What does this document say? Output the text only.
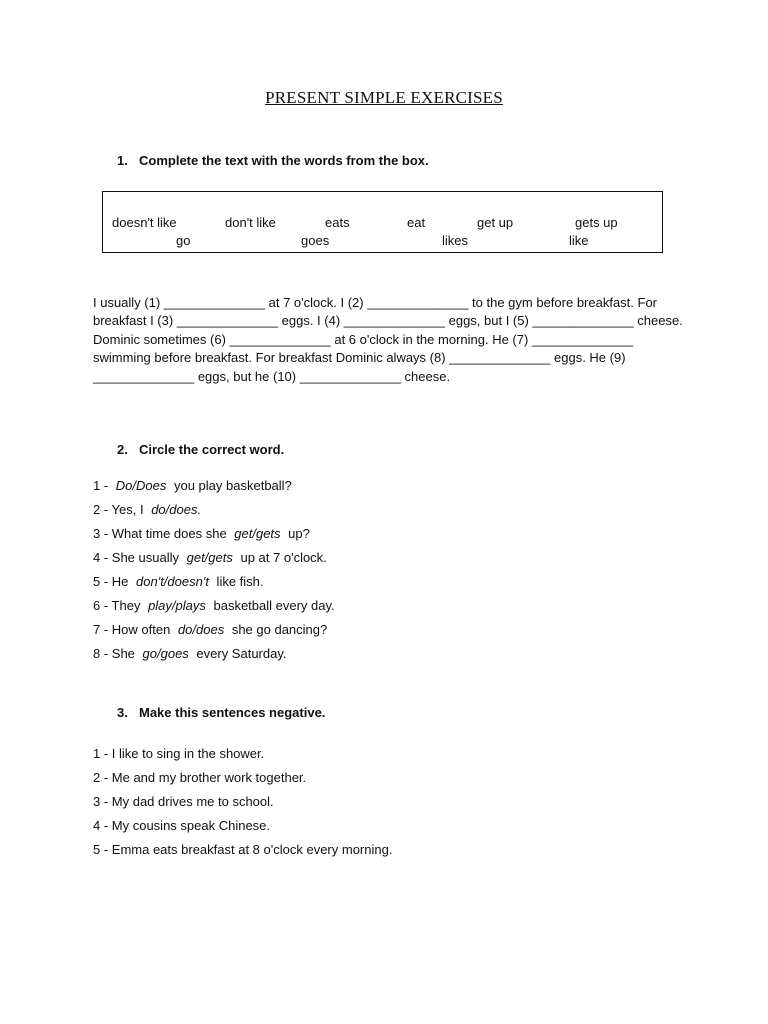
PRESENT SIMPLE EXERCISES
1. Complete the text with the words from the box.
doesn't like	don't like	eats	eat	get up	gets up
go	goes	likes	like
I usually (1) ______________ at 7 o'clock. I (2) ______________ to the gym before breakfast. For breakfast I (3) ______________ eggs. I (4) ______________ eggs, but I (5) ______________ cheese. Dominic sometimes (6) ______________ at 6 o'clock in the morning. He (7) ______________ swimming before breakfast. For breakfast Dominic always (8) ______________ eggs. He (9) ______________ eggs, but he (10) ______________ cheese.
2. Circle the correct word.
1 - Do/Does you play basketball?
2 - Yes, I do/does.
3 - What time does she get/gets up?
4 - She usually get/gets up at 7 o'clock.
5 - He don't/doesn't like fish.
6 - They play/plays basketball every day.
7 - How often do/does she go dancing?
8 - She go/goes every Saturday.
3. Make this sentences negative.
1 - I like to sing in the shower.
2 - Me and my brother work together.
3 - My dad drives me to school.
4 - My cousins speak Chinese.
5 - Emma eats breakfast at 8 o'clock every morning.
